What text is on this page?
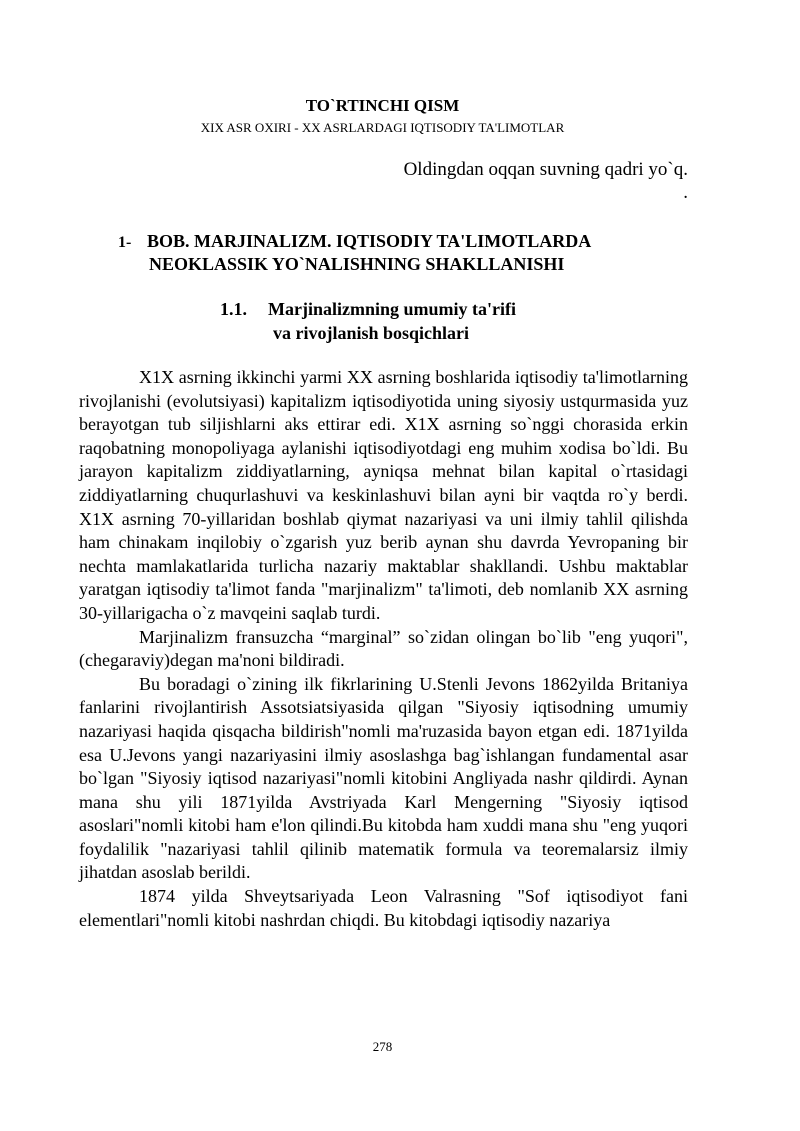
TO`RTINCHI QISM
XIX ASR OXIRI - XX ASRLARDAGI IQTISODIY TA'LIMOTLAR
Oldingdan oqqan suvning qadri yo`q.
.
1- BOB. MARJINALIZM. IQTISODIY TA'LIMOTLARDA
NEOKLASSIK YO`NALISHNING SHAKLLANISHI
1.1. Marjinalizmning umumiy ta'rifi
va rivojlanish bosqichlari

X1X asrning ikkinchi yarmi XX asrning boshlarida iqtisodiy ta'limotlarning rivojlanishi (evolutsiyasi) kapitalizm iqtisodiyotida uning siyosiy ustqurmasida yuz berayotgan tub siljishlarni aks ettirar edi. X1X asrning so`nggi chorasida erkin raqobatning monopoliyaga aylanishi iqtisodiyotdagi eng muhim xodisa bo`ldi. Bu jarayon kapitalizm ziddiyatlarning, ayniqsa mehnat bilan kapital o`rtasidagi ziddiyatlarning chuqurlashuvi va keskinlashuvi bilan ayni bir vaqtda ro`y berdi. X1X asrning 70-yillaridan boshlab qiymat nazariyasi va uni ilmiy tahlil qilishda ham chinakam inqilobiy o`zgarish yuz berib aynan shu davrda Yevropaning bir nechta mamlakatlarida turlicha nazariy maktablar shakllandi. Ushbu maktablar yaratgan iqtisodiy ta'limot fanda "marjinalizm" ta'limoti, deb nomlanib XX asrning 30-yillarigacha o`z mavqeini saqlab turdi.

Marjinalizm fransuzcha “marginal” so`zidan olingan bo`lib "eng yuqori", (chegaraviy)degan ma'noni bildiradi.

Bu boradagi o`zining ilk fikrlarining U.Stenli Jevons 1862yilda Britaniya fanlarini rivojlantirish Assotsiatsiyasida qilgan "Siyosiy iqtisodning umumiy nazariyasi haqida qisqacha bildirish"nomli ma'ruzasida bayon etgan edi. 1871yilda esa U.Jevons yangi nazariyasini ilmiy asoslashga bag`ishlangan fundamental asar bo`lgan "Siyosiy iqtisod nazariyasi"nomli kitobini Angliyada nashr qildirdi. Aynan mana shu yili 1871yilda Avstriyada Karl Mengerning "Siyosiy iqtisod asoslari"nomli kitobi ham e'lon qilindi.Bu kitobda ham xuddi mana shu "eng yuqori foydalilik "nazariyasi tahlil qilinib matematik formula va teoremalarsiz ilmiy jihatdan asoslab berildi.

1874 yilda Shveytsariyada Leon Valrasning "Sof iqtisodiyot fani elementlari"nomli kitobi nashrdan chiqdi. Bu kitobdagi iqtisodiy nazariya

278
